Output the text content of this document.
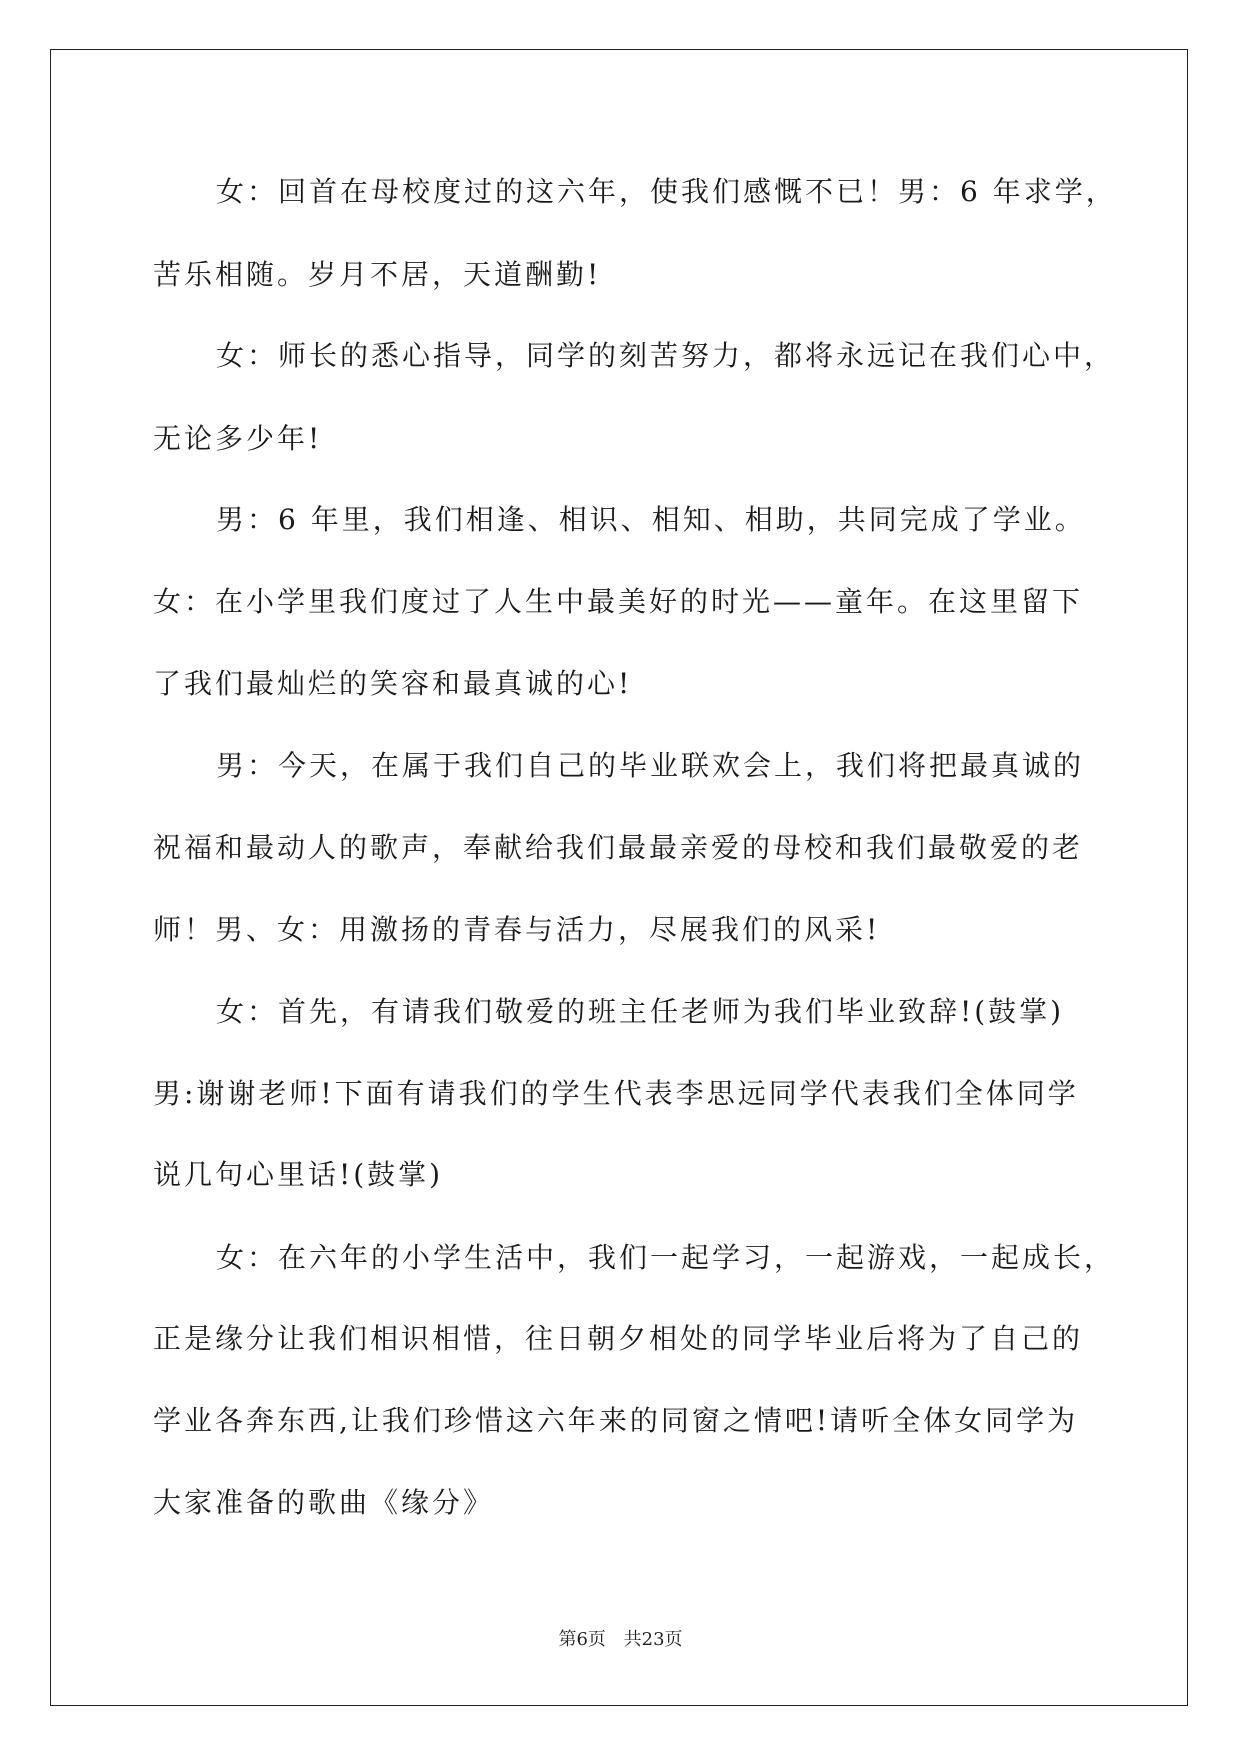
女：回首在母校度过的这六年，使我们感慨不已！男：6 年求学，
苦乐相随。岁月不居，天道酬勤!
女：师长的悉心指导，同学的刻苦努力，都将永远记在我们心中，
无论多少年!
男：6 年里，我们相逢、相识、相知、相助，共同完成了学业。
女：在小学里我们度过了人生中最美好的时光——童年。在这里留下
了我们最灿烂的笑容和最真诚的心!
男：今天，在属于我们自己的毕业联欢会上，我们将把最真诚的
祝福和最动人的歌声，奉献给我们最最亲爱的母校和我们最敬爱的老
师！男、女：用激扬的青春与活力，尽展我们的风采!
女：首先，有请我们敬爱的班主任老师为我们毕业致辞!(鼓掌)
男:谢谢老师!下面有请我们的学生代表李思远同学代表我们全体同学
说几句心里话!(鼓掌)
女：在六年的小学生活中，我们一起学习，一起游戏，一起成长，
正是缘分让我们相识相惜，往日朝夕相处的同学毕业后将为了自己的
学业各奔东西,让我们珍惜这六年来的同窗之情吧!请听全体女同学为
大家准备的歌曲《缘分》
第6页 共23页
